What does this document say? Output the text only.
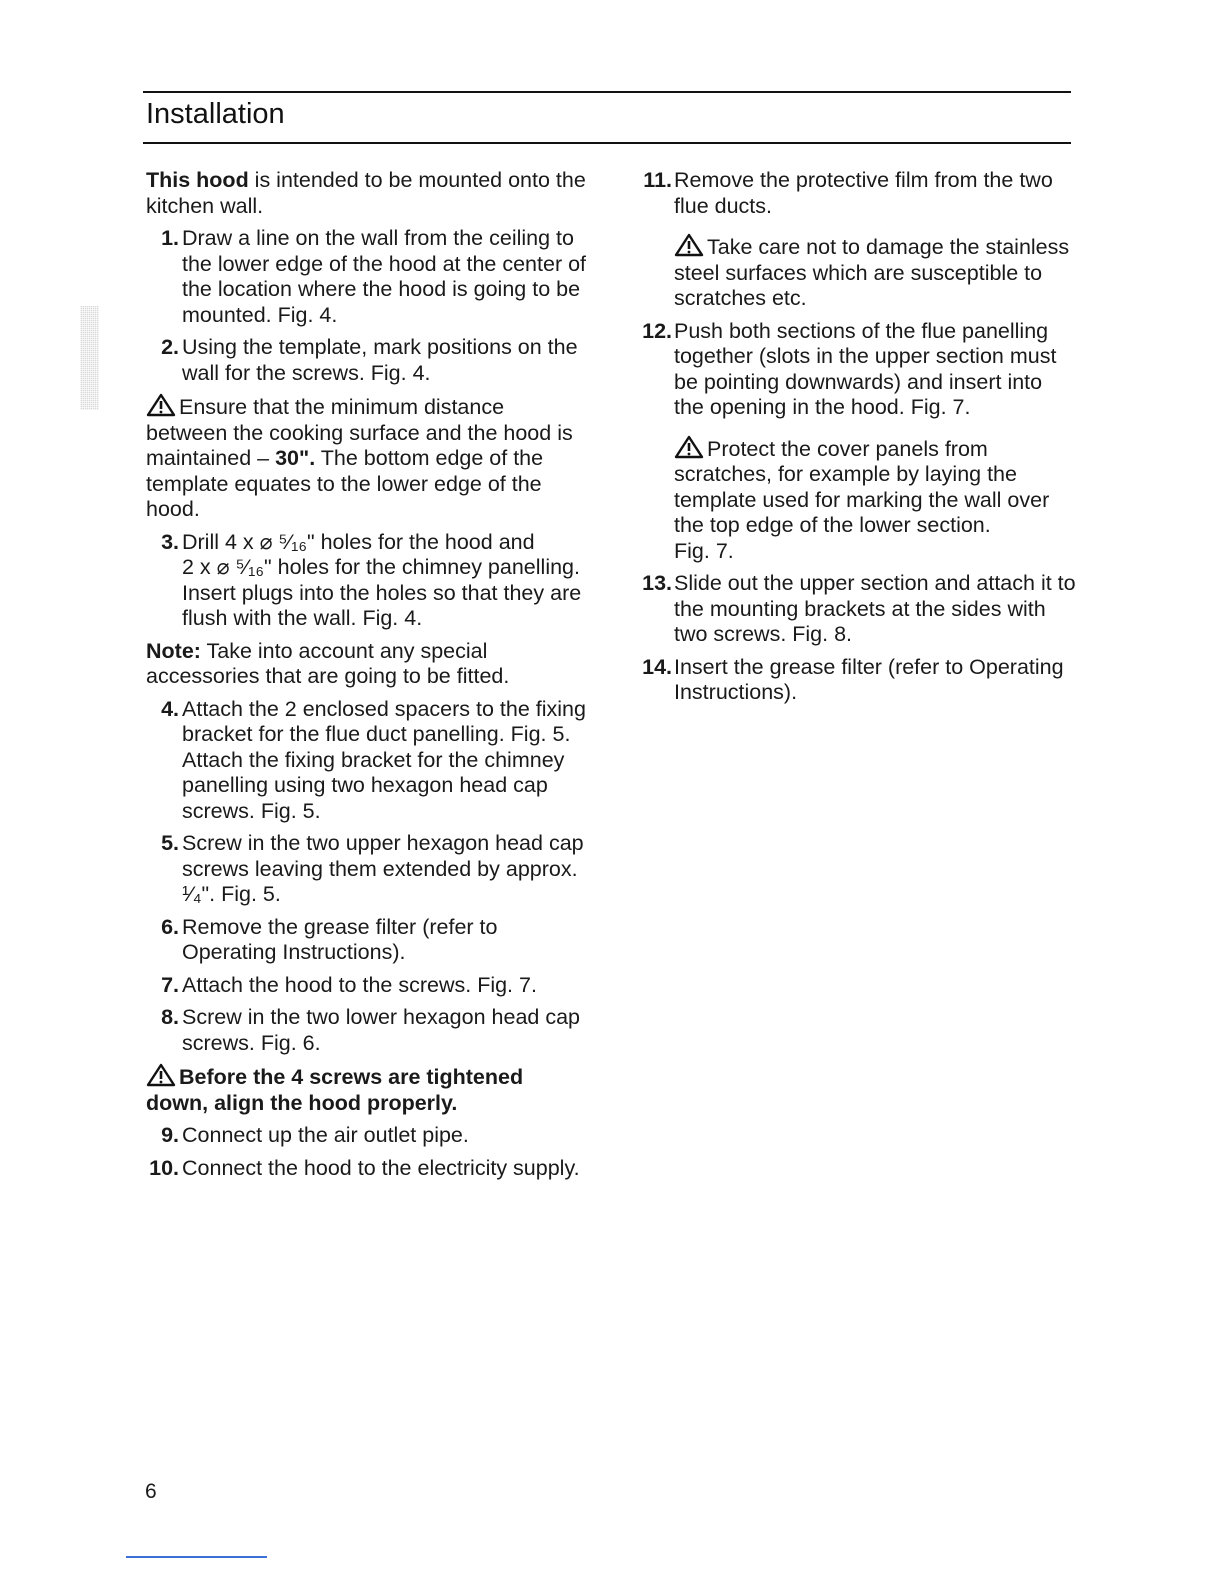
Installation

This hood is intended to be mounted onto the kitchen wall.

1. Draw a line on the wall from the ceiling to the lower edge of the hood at the center of the location where the hood is going to be mounted. Fig. 4.
2. Using the template, mark positions on the wall for the screws. Fig. 4.

Ensure that the minimum distance between the cooking surface and the hood is maintained – 30". The bottom edge of the template equates to the lower edge of the hood.

3. Drill 4 x ⌀ ⁵⁄₁₆" holes for the hood and
2 x ⌀ ⁵⁄₁₆" holes for the chimney panelling. Insert plugs into the holes so that they are flush with the wall. Fig. 4.

Note: Take into account any special accessories that are going to be fitted.

4. Attach the 2 enclosed spacers to the fixing bracket for the flue duct panelling. Fig. 5.
Attach the fixing bracket for the chimney panelling using two hexagon head cap screws. Fig. 5.
5. Screw in the two upper hexagon head cap screws leaving them extended by approx. ¹⁄₄". Fig. 5.
6. Remove the grease filter (refer to Operating Instructions).
7. Attach the hood to the screws. Fig. 7.
8. Screw in the two lower hexagon head cap screws. Fig. 6.

Before the 4 screws are tightened down, align the hood properly.

9. Connect up the air outlet pipe.
10. Connect the hood to the electricity supply.
11. Remove the protective film from the two flue ducts.

Take care not to damage the stainless steel surfaces which are susceptible to scratches etc.

12. Push both sections of the flue panelling together (slots in the upper section must be pointing downwards) and insert into the opening in the hood. Fig. 7.

Protect the cover panels from scratches, for example by laying the template used for marking the wall over the top edge of the lower section.
Fig. 7.

13. Slide out the upper section and attach it to the mounting brackets at the sides with two screws. Fig. 8.
14. Insert the grease filter (refer to Operating Instructions).
6
